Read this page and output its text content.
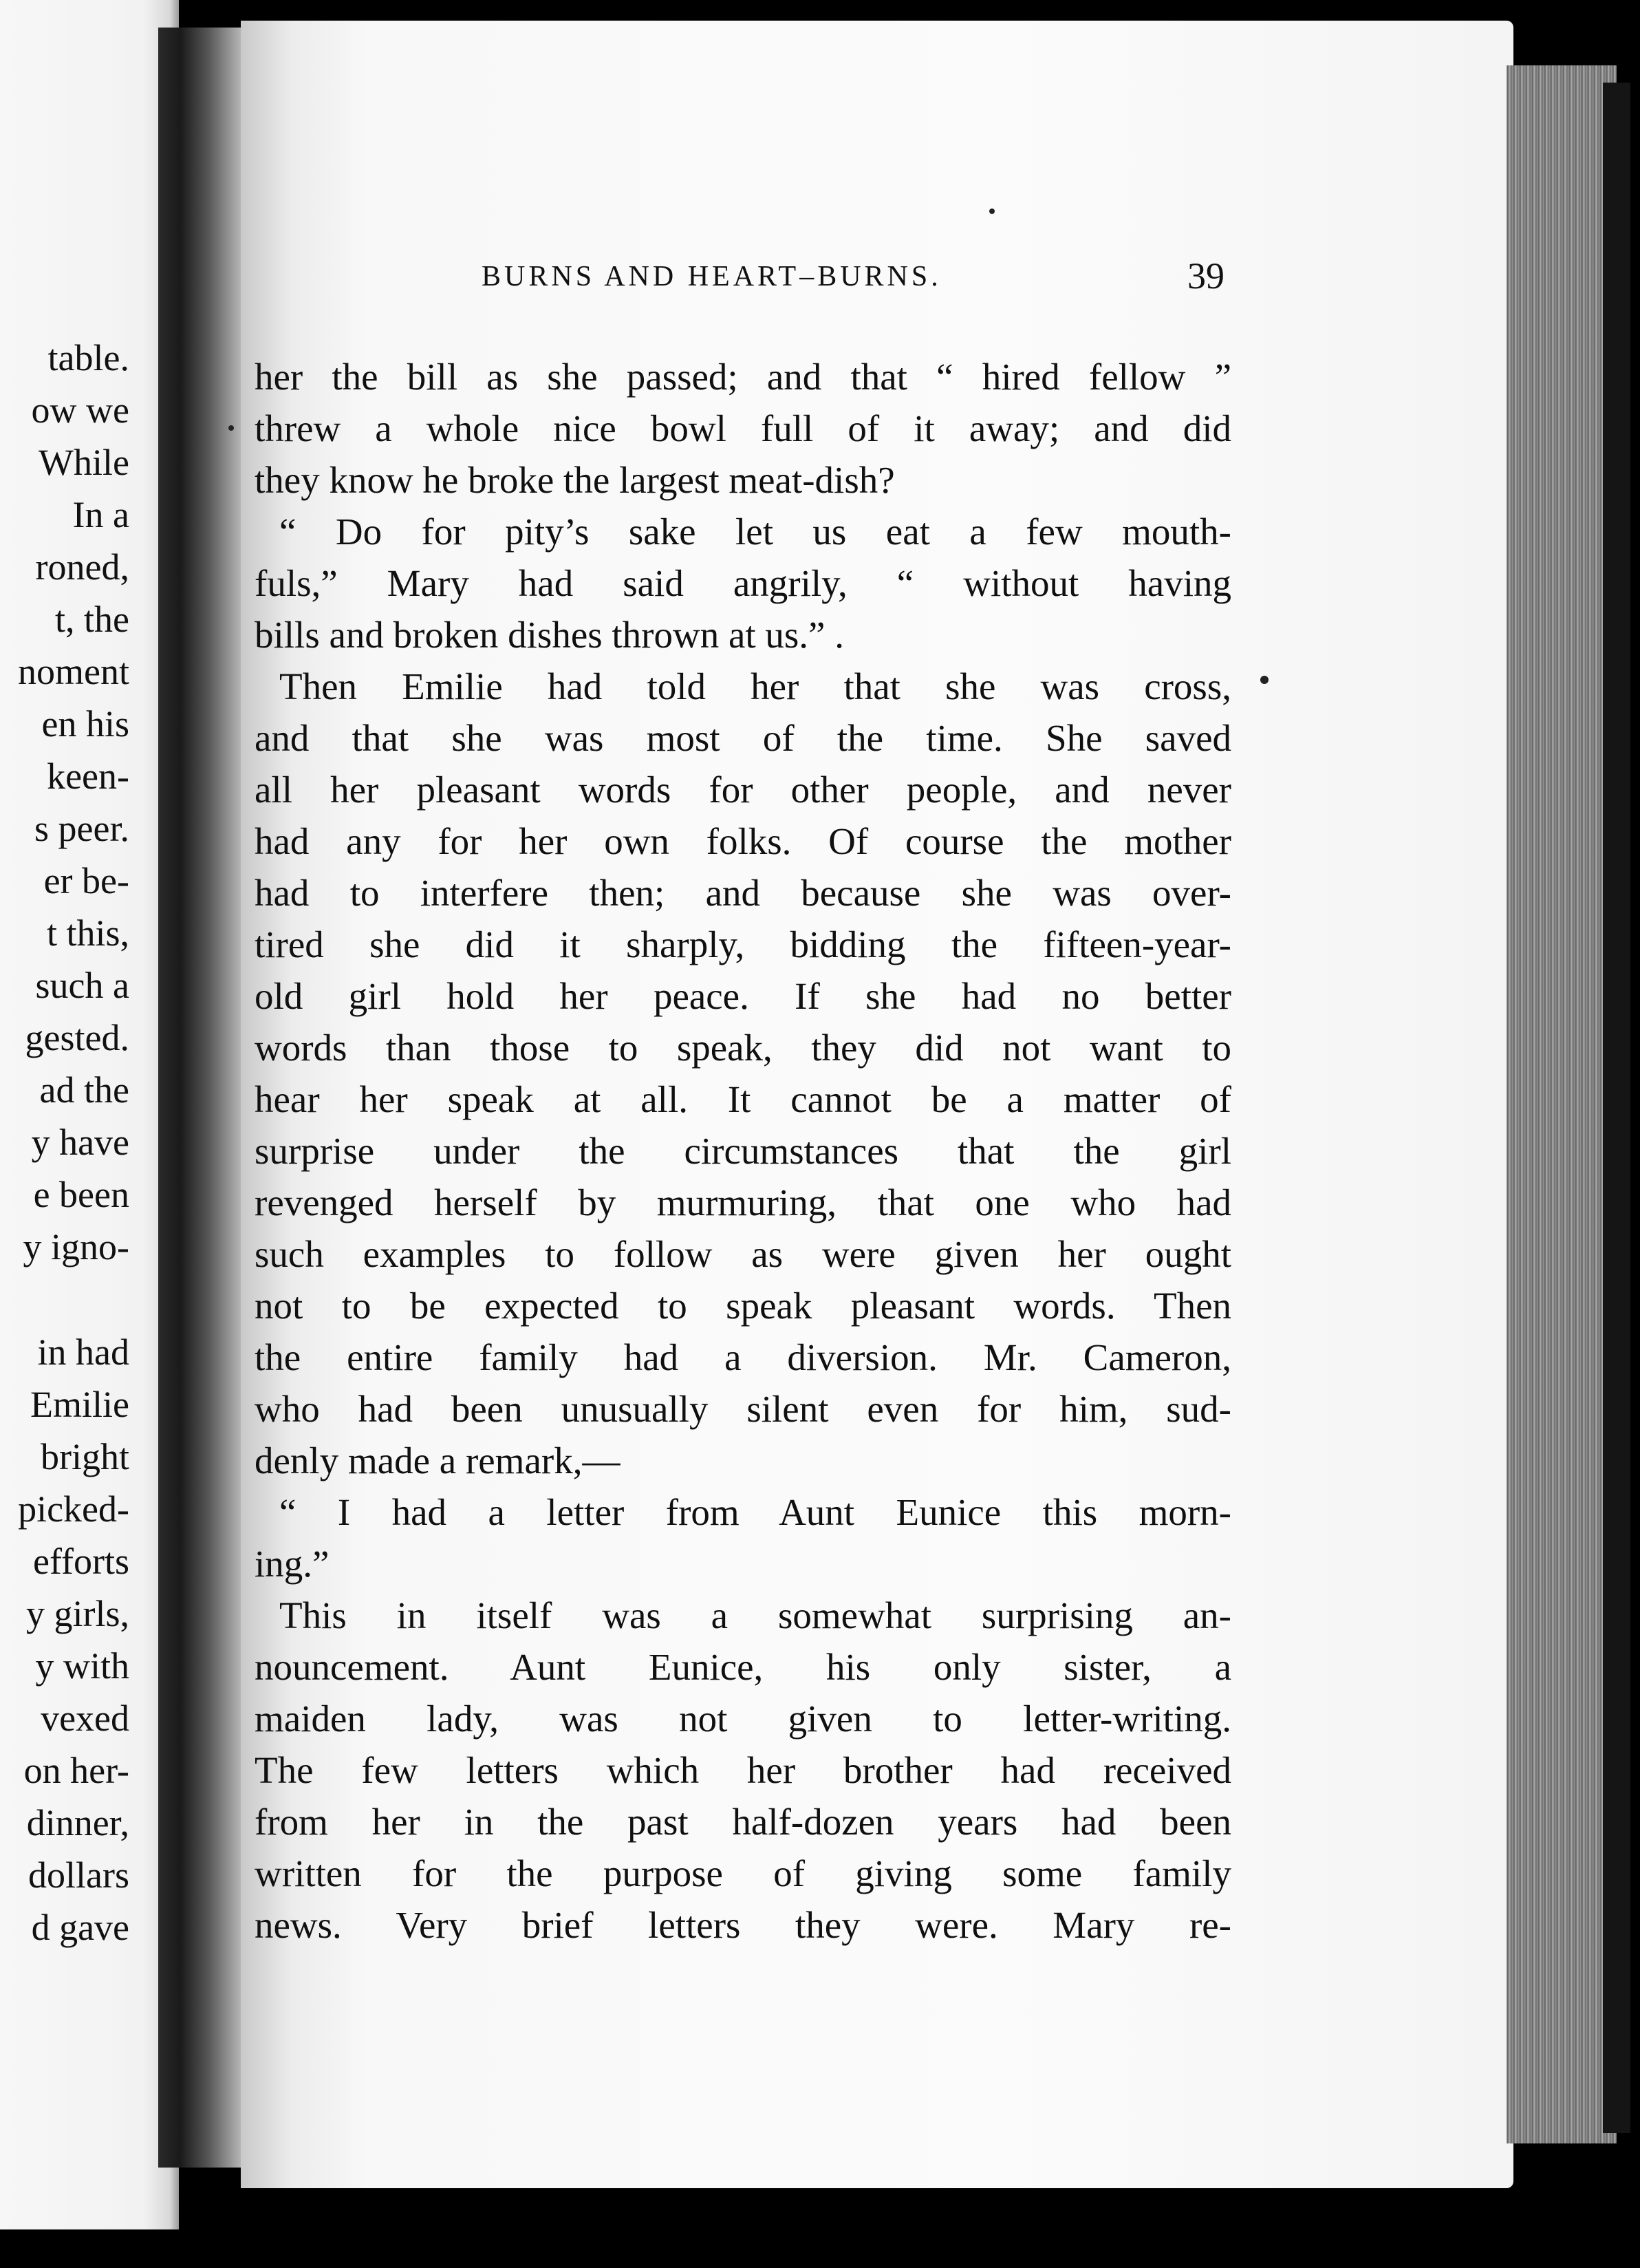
table.
ow we
While
In a
roned,
t, the
noment
en his
keen-
s peer.
er be-
t this,
such a
gested.
ad the
y have
e been
y igno-
in had
Emilie
bright
picked-
efforts
y girls,
y with
vexed
on her-
dinner,
dollars
d gave
BURNS AND HEART–BURNS.	39
her the bill as she passed; and that “ hired fellow ”
threw a whole nice bowl full of it away; and did
they know he broke the largest meat-dish?
“ Do for pity’s sake let us eat a few mouth-
fuls,” Mary had said angrily, “ without having
bills and broken dishes thrown at us.” .
Then Emilie had told her that she was cross,
and that she was most of the time. She saved
all her pleasant words for other people, and never
had any for her own folks. Of course the mother
had to interfere then; and because she was over-
tired she did it sharply, bidding the fifteen-year-
old girl hold her peace. If she had no better
words than those to speak, they did not want to
hear her speak at all. It cannot be a matter of
surprise under the circumstances that the girl
revenged herself by murmuring, that one who had
such examples to follow as were given her ought
not to be expected to speak pleasant words. Then
the entire family had a diversion. Mr. Cameron,
who had been unusually silent even for him, sud-
denly made a remark,—
“ I had a letter from Aunt Eunice this morn-
ing.”
This in itself was a somewhat surprising an-
nouncement. Aunt Eunice, his only sister, a
maiden lady, was not given to letter-writing.
The few letters which her brother had received
from her in the past half-dozen years had been
written for the purpose of giving some family
news. Very brief letters they were. Mary re-
